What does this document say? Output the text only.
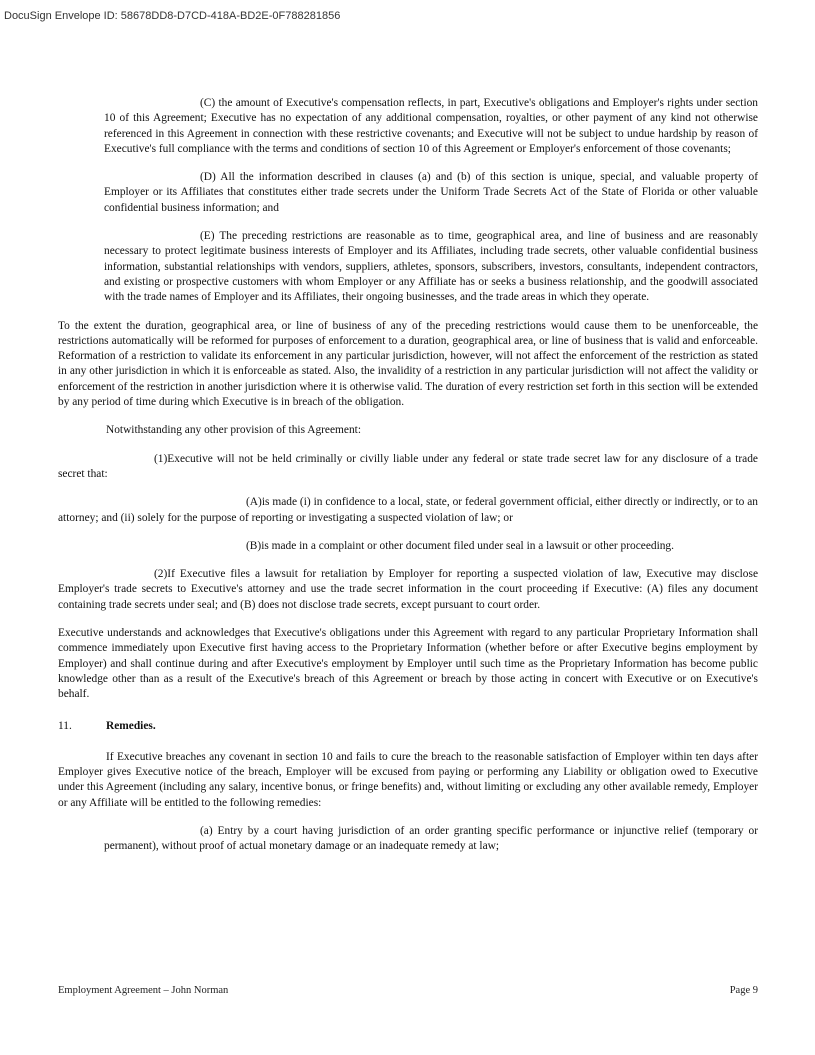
DocuSign Envelope ID: 58678DD8-D7CD-418A-BD2E-0F788281856

(C) the amount of Executive's compensation reflects, in part, Executive's obligations and Employer's rights under section 10 of this Agreement; Executive has no expectation of any additional compensation, royalties, or other payment of any kind not otherwise referenced in this Agreement in connection with these restrictive covenants; and Executive will not be subject to undue hardship by reason of Executive's full compliance with the terms and conditions of section 10 of this Agreement or Employer's enforcement of those covenants;

(D) All the information described in clauses (a) and (b) of this section is unique, special, and valuable property of Employer or its Affiliates that constitutes either trade secrets under the Uniform Trade Secrets Act of the State of Florida or other valuable confidential business information; and

(E) The preceding restrictions are reasonable as to time, geographical area, and line of business and are reasonably necessary to protect legitimate business interests of Employer and its Affiliates, including trade secrets, other valuable confidential business information, substantial relationships with vendors, suppliers, athletes, sponsors, subscribers, investors, consultants, independent contractors, and existing or prospective customers with whom Employer or any Affiliate has or seeks a business relationship, and the goodwill associated with the trade names of Employer and its Affiliates, their ongoing businesses, and the trade areas in which they operate.

To the extent the duration, geographical area, or line of business of any of the preceding restrictions would cause them to be unenforceable, the restrictions automatically will be reformed for purposes of enforcement to a duration, geographical area, or line of business that is valid and enforceable. Reformation of a restriction to validate its enforcement in any particular jurisdiction, however, will not affect the enforcement of the restriction as stated in any other jurisdiction in which it is enforceable as stated. Also, the invalidity of a restriction in any particular jurisdiction will not affect the validity or enforcement of the restriction in another jurisdiction where it is otherwise valid. The duration of every restriction set forth in this section will be extended by any period of time during which Executive is in breach of the obligation.

Notwithstanding any other provision of this Agreement:

(1)Executive will not be held criminally or civilly liable under any federal or state trade secret law for any disclosure of a trade secret that:

(A)is made (i) in confidence to a local, state, or federal government official, either directly or indirectly, or to an attorney; and (ii) solely for the purpose of reporting or investigating a suspected violation of law; or

(B)is made in a complaint or other document filed under seal in a lawsuit or other proceeding.

(2)If Executive files a lawsuit for retaliation by Employer for reporting a suspected violation of law, Executive may disclose Employer's trade secrets to Executive's attorney and use the trade secret information in the court proceeding if Executive: (A) files any document containing trade secrets under seal; and (B) does not disclose trade secrets, except pursuant to court order.

Executive understands and acknowledges that Executive's obligations under this Agreement with regard to any particular Proprietary Information shall commence immediately upon Executive first having access to the Proprietary Information (whether before or after Executive begins employment by Employer) and shall continue during and after Executive's employment by Employer until such time as the Proprietary Information has become public knowledge other than as a result of the Executive's breach of this Agreement or breach by those acting in concert with Executive or on Executive's behalf.

11.	Remedies.

If Executive breaches any covenant in section 10 and fails to cure the breach to the reasonable satisfaction of Employer within ten days after Employer gives Executive notice of the breach, Employer will be excused from paying or performing any Liability or obligation owed to Executive under this Agreement (including any salary, incentive bonus, or fringe benefits) and, without limiting or excluding any other available remedy, Employer or any Affiliate will be entitled to the following remedies:

(a) Entry by a court having jurisdiction of an order granting specific performance or injunctive relief (temporary or permanent), without proof of actual monetary damage or an inadequate remedy at law;

Employment Agreement – John Norman	Page 9
